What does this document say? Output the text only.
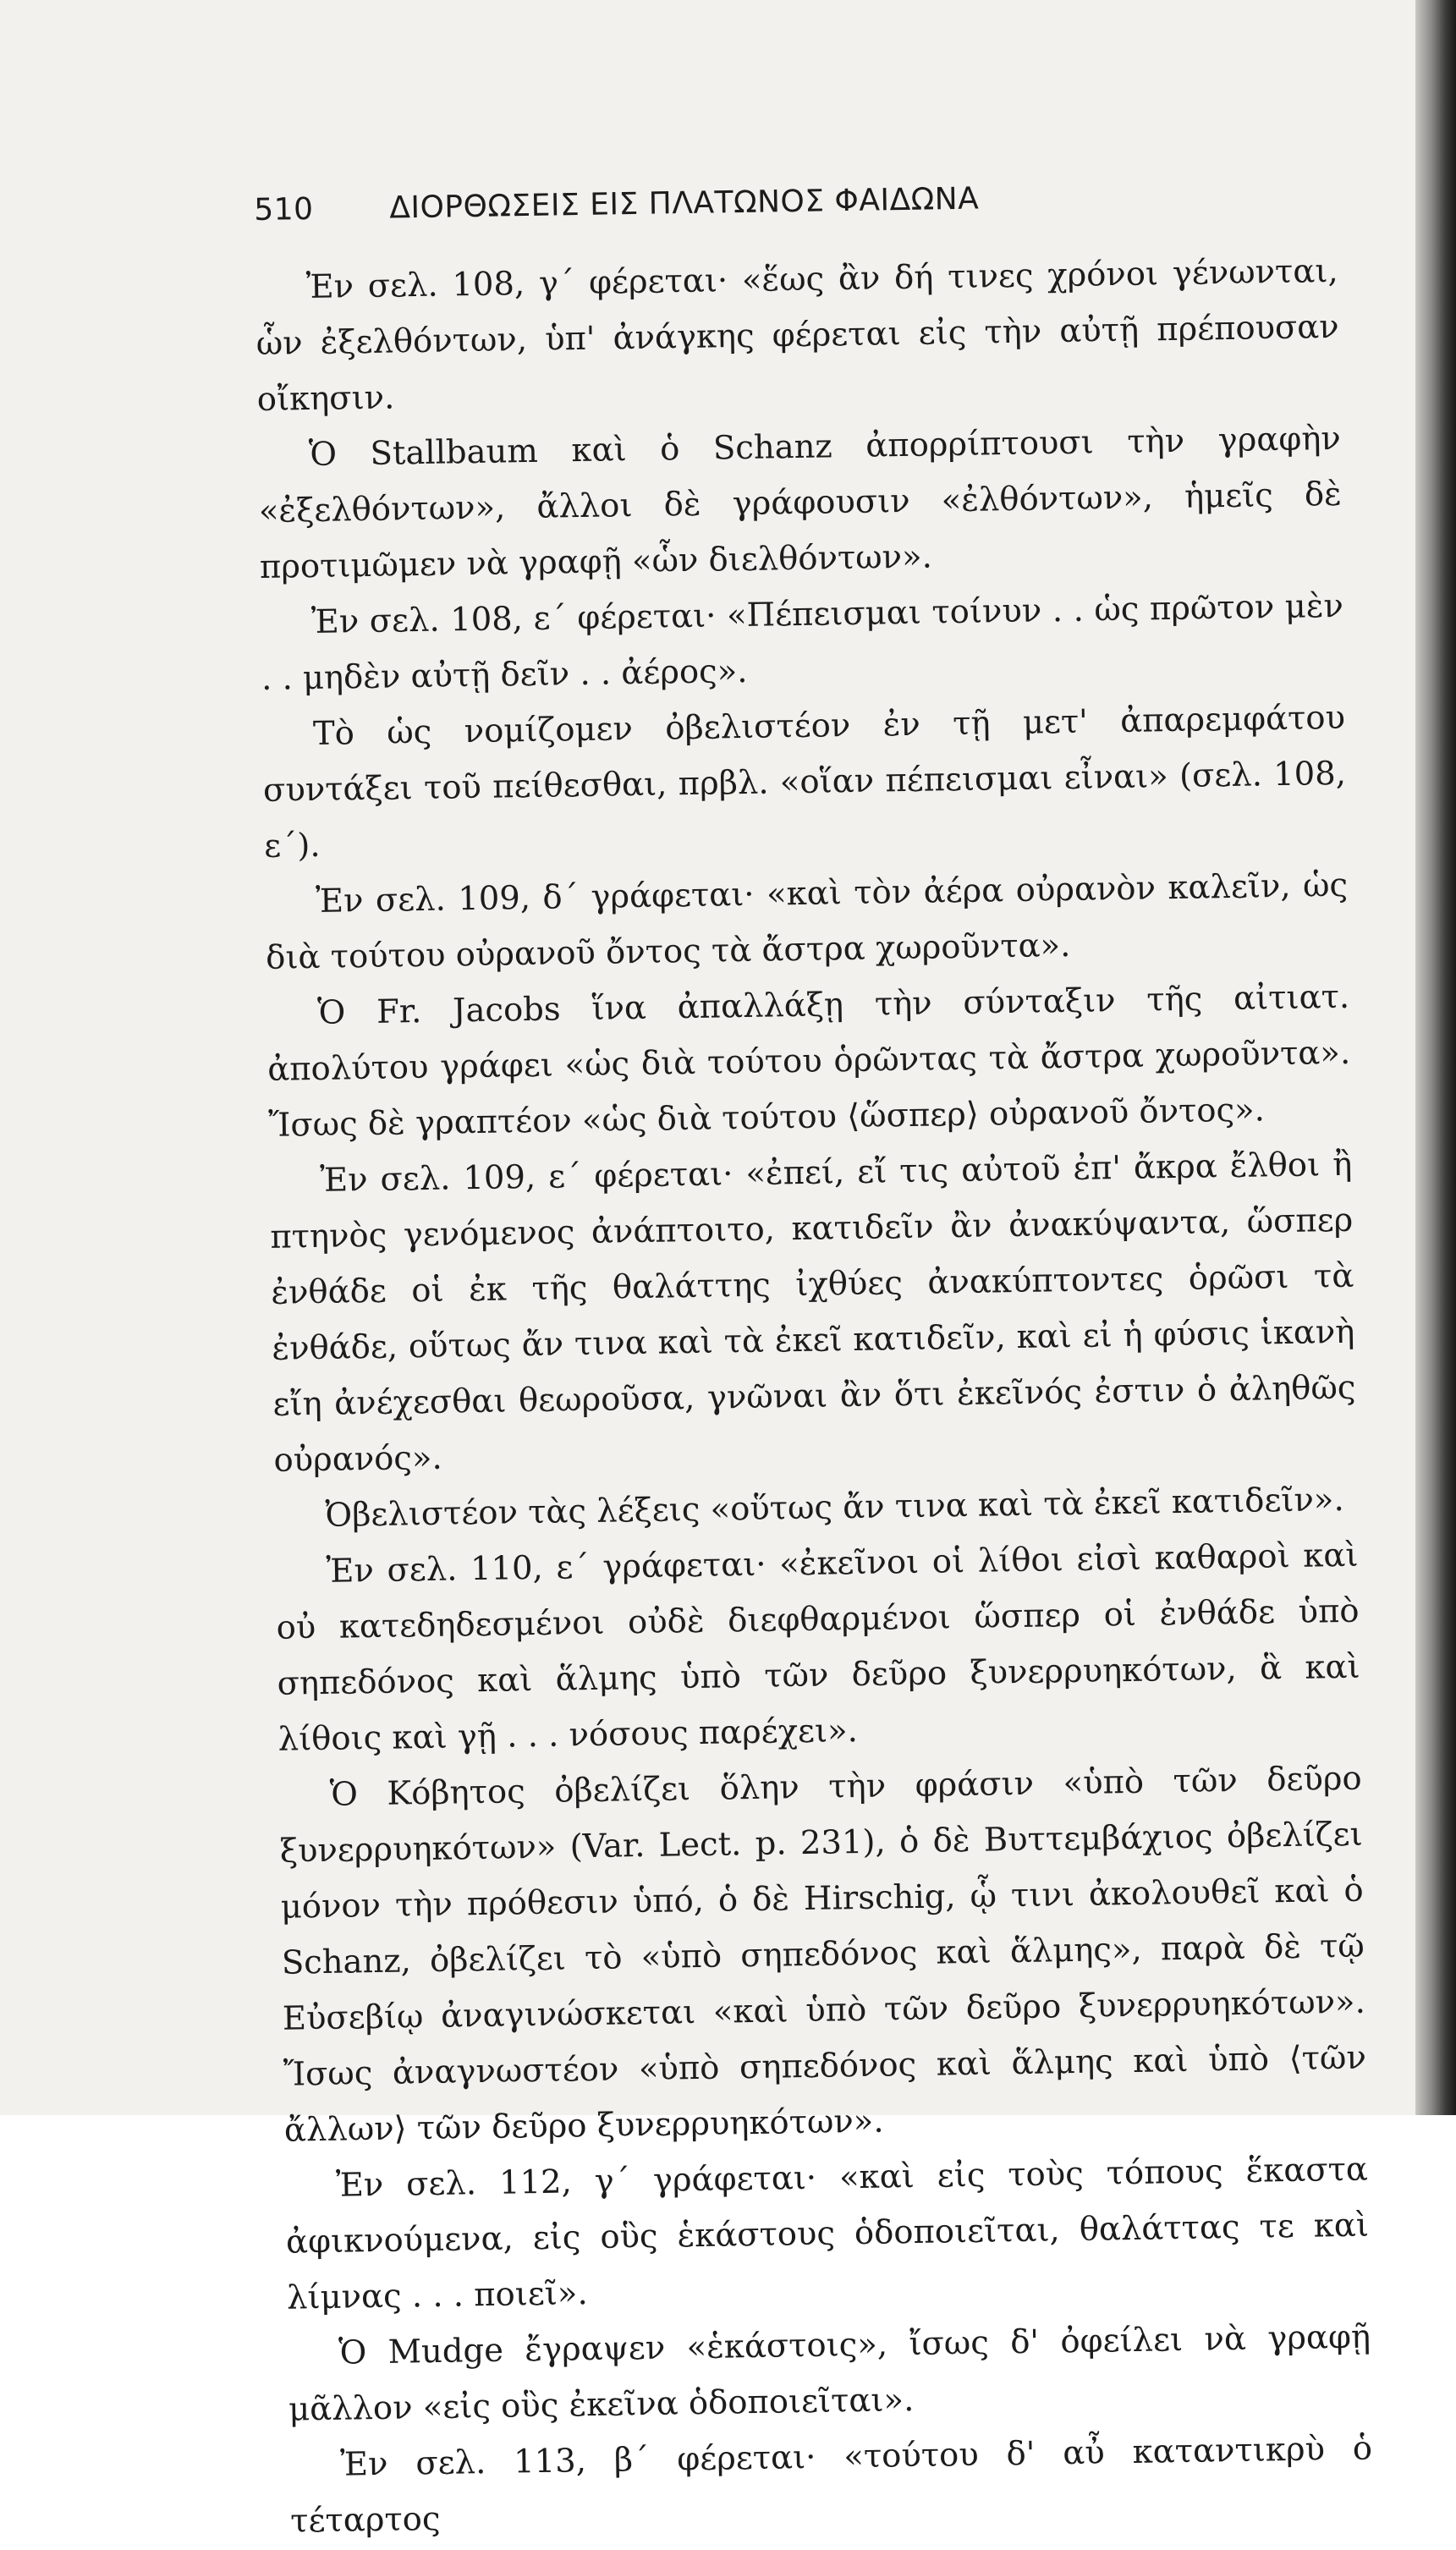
510	ΔΙΟΡΘΩΣΕΙΣ ΕΙΣ ΠΛΑΤΩΝΟΣ ΦΑΙΔΩΝΑ

Ἐν σελ. 108, γ΄ φέρεται· «ἕως ἂν δή τινες χρόνοι γένωνται, ὧν ἐξελθόντων, ὑπ' ἀνάγκης φέρεται εἰς τὴν αὐτῇ πρέπουσαν οἴκησιν.

Ὁ Stallbaum καὶ ὁ Schanz ἀπορρίπτουσι τὴν γραφὴν «ἐξελθόντων», ἄλλοι δὲ γράφουσιν «ἐλθόντων», ἡμεῖς δὲ προτιμῶμεν νὰ γραφῇ «ὧν διελθόντων».

Ἐν σελ. 108, ε΄ φέρεται· «Πέπεισμαι τοίνυν . . ὡς πρῶτον μὲν . . μηδὲν αὐτῇ δεῖν . . ἀέρος».

Τὸ ὡς νομίζομεν ὀβελιστέον ἐν τῇ μετ' ἀπαρεμφάτου συντάξει τοῦ πείθεσθαι, πρβλ. «οἵαν πέπεισμαι εἶναι» (σελ. 108, ε΄).

Ἐν σελ. 109, δ΄ γράφεται· «καὶ τὸν ἀέρα οὐρανὸν καλεῖν, ὡς διὰ τούτου οὐρανοῦ ὄντος τὰ ἄστρα χωροῦντα».

Ὁ Fr. Jacobs ἵνα ἀπαλλάξῃ τὴν σύνταξιν τῆς αἰτιατ. ἀπολύτου γράφει «ὡς διὰ τούτου ὁρῶντας τὰ ἄστρα χωροῦντα». Ἴσως δὲ γραπτέον «ὡς διὰ τούτου ⟨ὥσπερ⟩ οὐρανοῦ ὄντος».

Ἐν σελ. 109, ε΄ φέρεται· «ἐπεί, εἴ τις αὐτοῦ ἐπ' ἄκρα ἔλθοι ἢ πτηνὸς γενόμενος ἀνάπτοιτο, κατιδεῖν ἂν ἀνακύψαντα, ὥσπερ ἐνθάδε οἱ ἐκ τῆς θαλάττης ἰχθύες ἀνακύπτοντες ὁρῶσι τὰ ἐνθάδε, οὕτως ἄν τινα καὶ τὰ ἐκεῖ κατιδεῖν, καὶ εἰ ἡ φύσις ἱκανὴ εἴη ἀνέχεσθαι θεωροῦσα, γνῶναι ἂν ὅτι ἐκεῖνός ἐστιν ὁ ἀληθῶς οὐρανός».

Ὀβελιστέον τὰς λέξεις «οὕτως ἄν τινα καὶ τὰ ἐκεῖ κατιδεῖν».

Ἐν σελ. 110, ε΄ γράφεται· «ἐκεῖνοι οἱ λίθοι εἰσὶ καθαροὶ καὶ οὐ κατεδηδεσμένοι οὐδὲ διεφθαρμένοι ὥσπερ οἱ ἐνθάδε ὑπὸ σηπεδόνος καὶ ἅλμης ὑπὸ τῶν δεῦρο ξυνερρυηκότων, ἃ καὶ λίθοις καὶ γῇ . . . νόσους παρέχει».

Ὁ Κόβητος ὀβελίζει ὅλην τὴν φράσιν «ὑπὸ τῶν δεῦρο ξυνερρυηκότων» (Var. Lect. p. 231), ὁ δὲ Βυττεμβάχιος ὀβελίζει μόνον τὴν πρόθεσιν ὑπό, ὁ δὲ Hirschig, ᾧ τινι ἀκολουθεῖ καὶ ὁ Schanz, ὀβελίζει τὸ «ὑπὸ σηπεδόνος καὶ ἅλμης», παρὰ δὲ τῷ Εὐσεβίῳ ἀναγινώσκεται «καὶ ὑπὸ τῶν δεῦρο ξυνερρυηκότων». Ἴσως ἀναγνωστέον «ὑπὸ σηπεδόνος καὶ ἅλμης καὶ ὑπὸ ⟨τῶν ἄλλων⟩ τῶν δεῦρο ξυνερρυηκότων».

Ἐν σελ. 112, γ΄ γράφεται· «καὶ εἰς τοὺς τόπους ἕκαστα ἀφικνούμενα, εἰς οὓς ἑκάστους ὁδοποιεῖται, θαλάττας τε καὶ λίμνας . . . ποιεῖ».

Ὁ Mudge ἔγραψεν «ἑκάστοις», ἴσως δ' ὀφείλει νὰ γραφῇ μᾶλλον «εἰς οὓς ἐκεῖνα ὁδοποιεῖται».

Ἐν σελ. 113, β΄ φέρεται· «τούτου δ' αὖ καταντικρὺ ὁ τέταρτος
